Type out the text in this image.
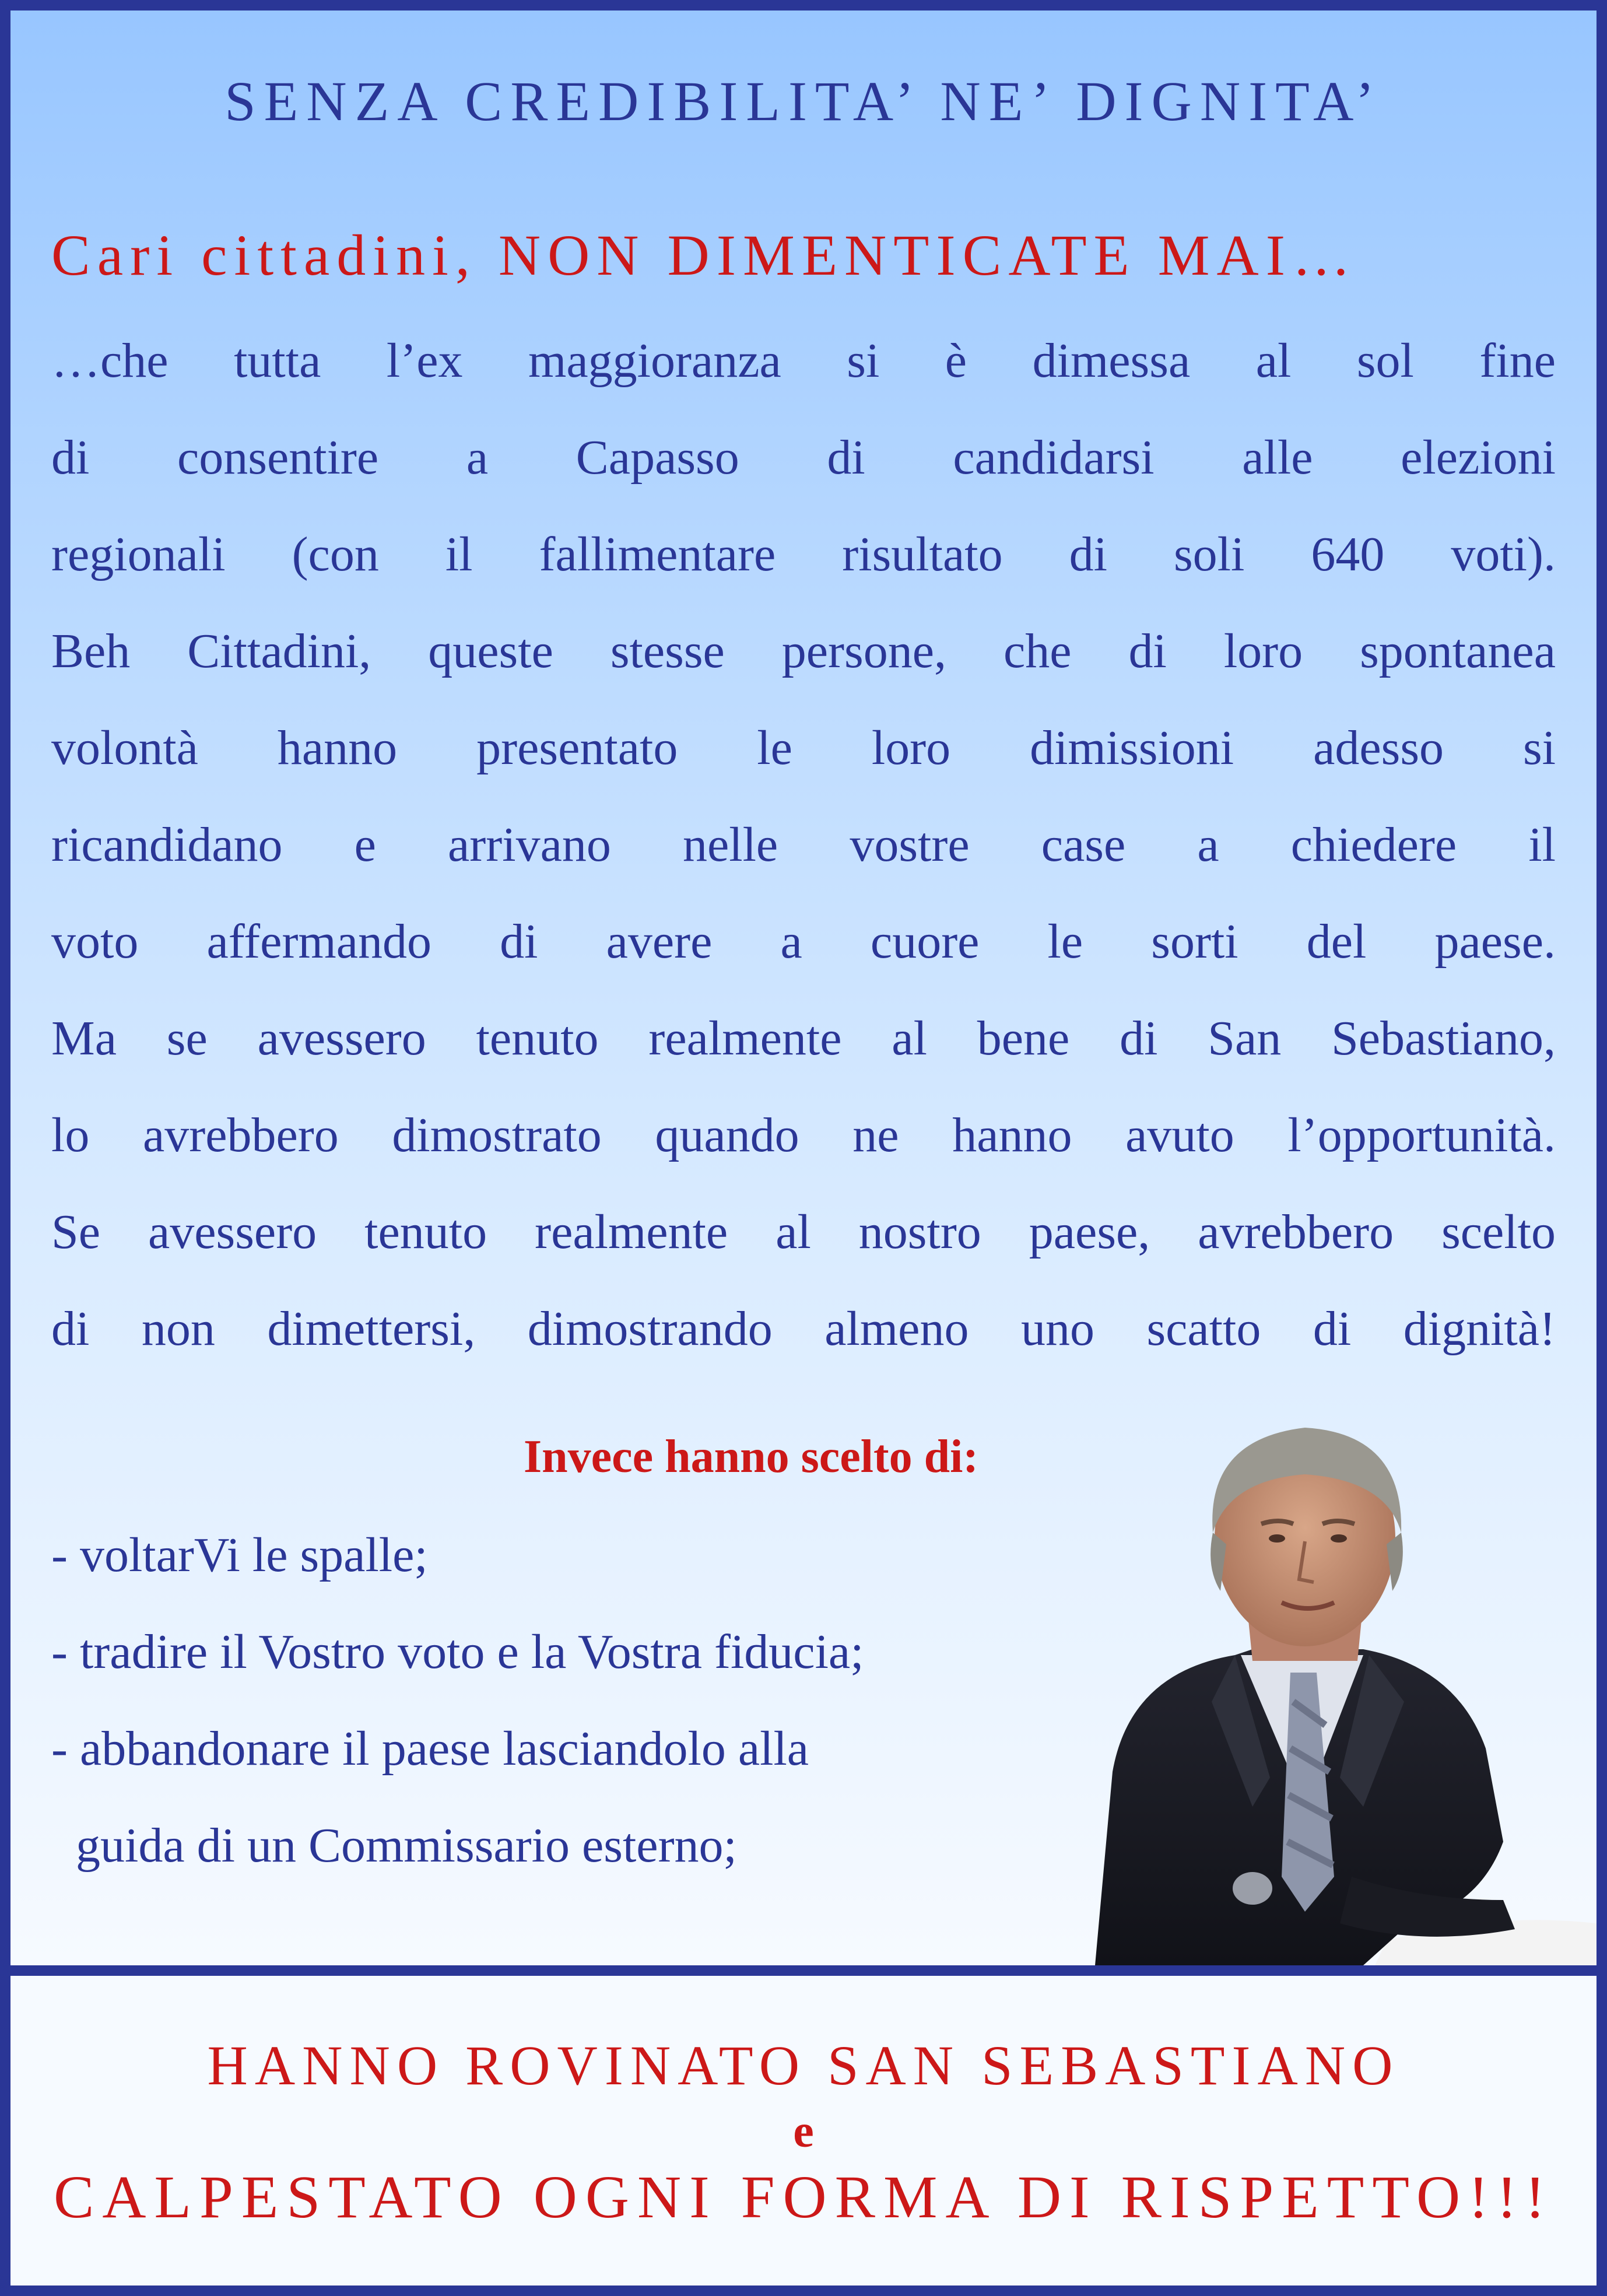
SENZA CREDIBILITA’ NE’ DIGNITA’
Cari cittadini, NON DIMENTICATE MAI…
…che tutta l’ex maggioranza si è dimessa al sol fine
di consentire a Capasso di candidarsi alle elezioni
regionali (con il fallimentare risultato di soli 640 voti).
Beh Cittadini, queste stesse persone, che di loro spontanea
volontà hanno presentato le loro dimissioni adesso si
ricandidano e arrivano nelle vostre case a chiedere il
voto affermando di avere a cuore le sorti del paese.
Ma se avessero tenuto realmente al bene di San Sebastiano,
lo avrebbero dimostrato quando ne hanno avuto l’opportunità.
Se avessero tenuto realmente al nostro paese, avrebbero scelto
di non dimettersi, dimostrando almeno uno scatto di dignità!
Invece hanno scelto di:
- voltarVi le spalle;
- tradire il Vostro voto e la Vostra fiducia;
- abbandonare il paese lasciandolo alla
guida di un Commissario esterno;
HANNO ROVINATO SAN SEBASTIANO
e
CALPESTATO OGNI FORMA DI RISPETTO!!!
